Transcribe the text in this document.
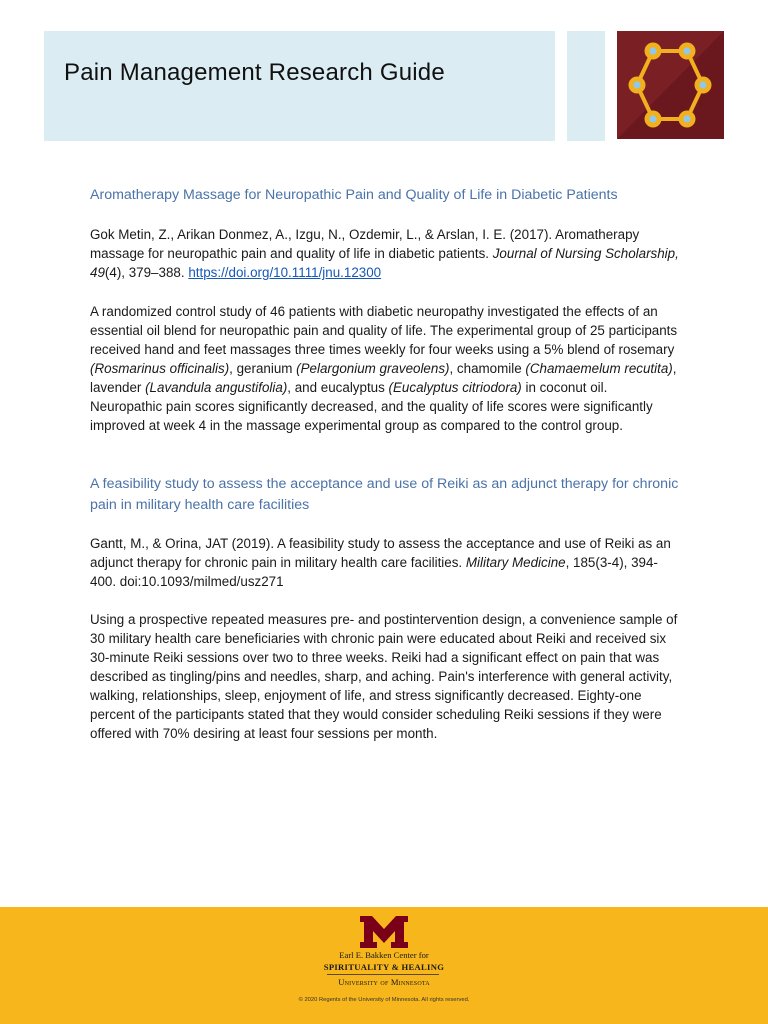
Pain Management Research Guide
Aromatherapy Massage for Neuropathic Pain and Quality of Life in Diabetic Patients

Gok Metin, Z., Arikan Donmez, A., Izgu, N., Ozdemir, L., & Arslan, I. E. (2017). Aromatherapy massage for neuropathic pain and quality of life in diabetic patients. Journal of Nursing Scholarship, 49(4), 379–388. https://doi.org/10.1111/jnu.12300

A randomized control study of 46 patients with diabetic neuropathy investigated the effects of an essential oil blend for neuropathic pain and quality of life. The experimental group of 25 participants received hand and feet massages three times weekly for four weeks using a 5% blend of rosemary (Rosmarinus officinalis), geranium (Pelargonium graveolens), chamomile (Chamaemelum recutita), lavender (Lavandula angustifolia), and eucalyptus (Eucalyptus citriodora) in coconut oil. Neuropathic pain scores significantly decreased, and the quality of life scores were significantly improved at week 4 in the massage experimental group as compared to the control group.

A feasibility study to assess the acceptance and use of Reiki as an adjunct therapy for chronic pain in military health care facilities

Gantt, M., & Orina, JAT (2019). A feasibility study to assess the acceptance and use of Reiki as an adjunct therapy for chronic pain in military health care facilities. Military Medicine, 185(3-4), 394-400. doi:10.1093/milmed/usz271

Using a prospective repeated measures pre- and postintervention design, a convenience sample of 30 military health care beneficiaries with chronic pain were educated about Reiki and received six 30-minute Reiki sessions over two to three weeks. Reiki had a significant effect on pain that was described as tingling/pins and needles, sharp, and aching. Pain's interference with general activity, walking, relationships, sleep, enjoyment of life, and stress significantly decreased. Eighty-one percent of the participants stated that they would consider scheduling Reiki sessions if they were offered with 70% desiring at least four sessions per month.

Earl E. Bakken Center for
SPIRITUALITY & HEALING
University of Minnesota
© 2020 Regents of the University of Minnesota. All rights reserved.
